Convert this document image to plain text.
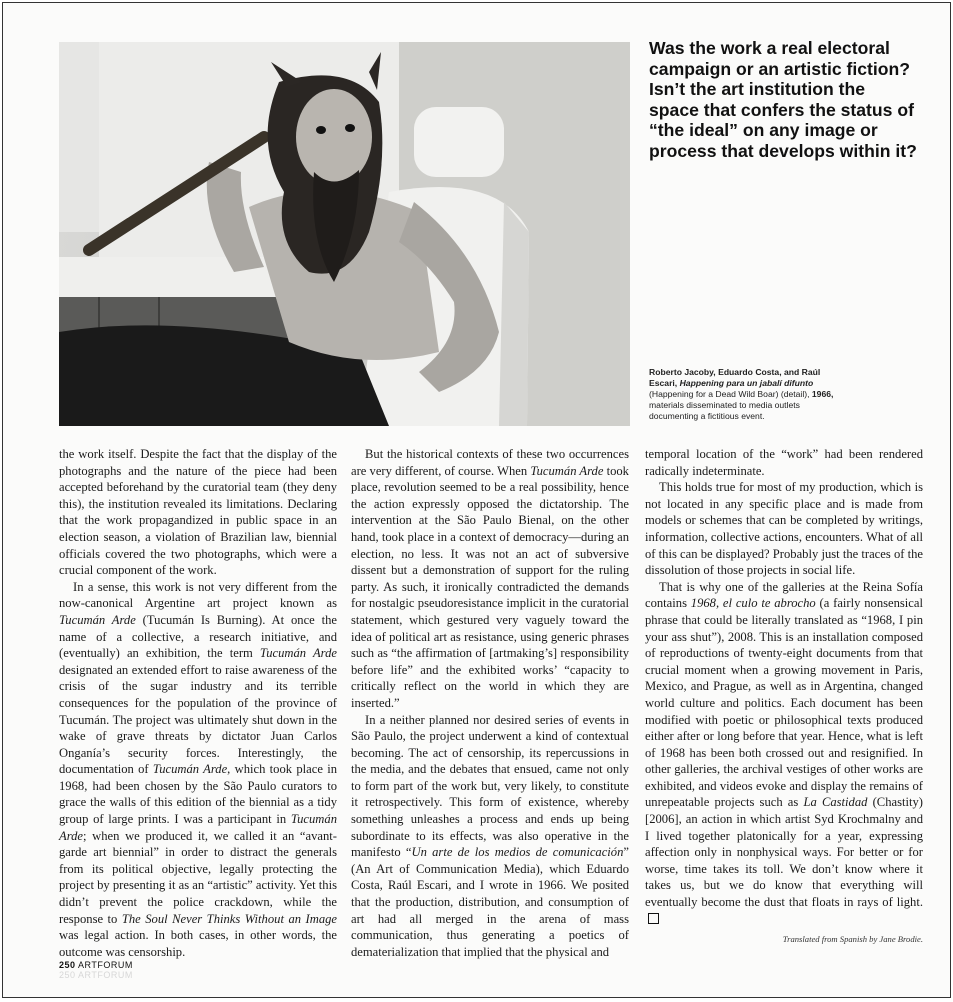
Was the work a real electoral campaign or an artistic fiction? Isn’t the art institution the space that confers the status of “the ideal” on any image or process that develops within it?

Roberto Jacoby, Eduardo Costa, and Raúl Escari, Happening para un jabalí difunto (Happening for a Dead Wild Boar) (detail), 1966, materials disseminated to media outlets documenting a fictitious event.

the work itself. Despite the fact that the display of the photographs and the nature of the piece had been accepted beforehand by the curatorial team (they deny this), the institution revealed its limitations. Declaring that the work propagandized in public space in an election season, a violation of Brazilian law, biennial officials covered the two photographs, which were a crucial component of the work.

In a sense, this work is not very different from the now-canonical Argentine art project known as Tucumán Arde (Tucumán Is Burning). At once the name of a collective, a research initiative, and (eventually) an exhibition, the term Tucumán Arde designated an extended effort to raise awareness of the crisis of the sugar industry and its terrible consequences for the population of the province of Tucumán. The project was ultimately shut down in the wake of grave threats by dictator Juan Carlos Onganía’s security forces. Interestingly, the documentation of Tucumán Arde, which took place in 1968, had been chosen by the São Paulo curators to grace the walls of this edition of the biennial as a tidy group of large prints. I was a participant in Tucumán Arde; when we produced it, we called it an “avant-garde art biennial” in order to distract the generals from its political objective, legally protecting the project by presenting it as an “artistic” activity. Yet this didn’t prevent the police crackdown, while the response to The Soul Never Thinks Without an Image was legal action. In both cases, in other words, the outcome was censorship.

But the historical contexts of these two occurrences are very different, of course. When Tucumán Arde took place, revolution seemed to be a real possibility, hence the action expressly opposed the dictatorship. The intervention at the São Paulo Bienal, on the other hand, took place in a context of democracy—during an election, no less. It was not an act of subversive dissent but a demonstration of support for the ruling party. As such, it ironically contradicted the demands for nostalgic pseudoresistance implicit in the curatorial statement, which gestured very vaguely toward the idea of political art as resistance, using generic phrases such as “the affirmation of [artmaking’s] responsibility before life” and the exhibited works’ “capacity to critically reflect on the world in which they are inserted.”

In a neither planned nor desired series of events in São Paulo, the project underwent a kind of contextual becoming. The act of censorship, its repercussions in the media, and the debates that ensued, came not only to form part of the work but, very likely, to constitute it retrospectively. This form of existence, whereby something unleashes a process and ends up being subordinate to its effects, was also operative in the manifesto “Un arte de los medios de comunicación” (An Art of Communication Media), which Eduardo Costa, Raúl Escari, and I wrote in 1966. We posited that the production, distribution, and consumption of art had all merged in the arena of mass communication, thus generating a poetics of dematerialization that implied that the physical and

temporal location of the “work” had been rendered radically indeterminate.

This holds true for most of my production, which is not located in any specific place and is made from models or schemes that can be completed by writings, information, collective actions, encounters. What of all of this can be displayed? Probably just the traces of the dissolution of those projects in social life.

That is why one of the galleries at the Reina Sofía contains 1968, el culo te abrocho (a fairly nonsensical phrase that could be literally translated as “1968, I pin your ass shut”), 2008. This is an installation composed of reproductions of twenty-eight documents from that crucial moment when a growing movement in Paris, Mexico, and Prague, as well as in Argentina, changed world culture and politics. Each document has been modified with poetic or philosophical texts produced either after or long before that year. Hence, what is left of 1968 has been both crossed out and resignified. In other galleries, the archival vestiges of other works are exhibited, and videos evoke and display the remains of unrepeatable projects such as La Castidad (Chastity) [2006], an action in which artist Syd Krochmalny and I lived together platonically for a year, expressing affection only in nonphysical ways. For better or for worse, time takes its toll. We don’t know where it takes us, but we do know that everything will eventually become the dust that floats in rays of light.

Translated from Spanish by Jane Brodie.
250 ARTFORUM
250 ARTFORUM
